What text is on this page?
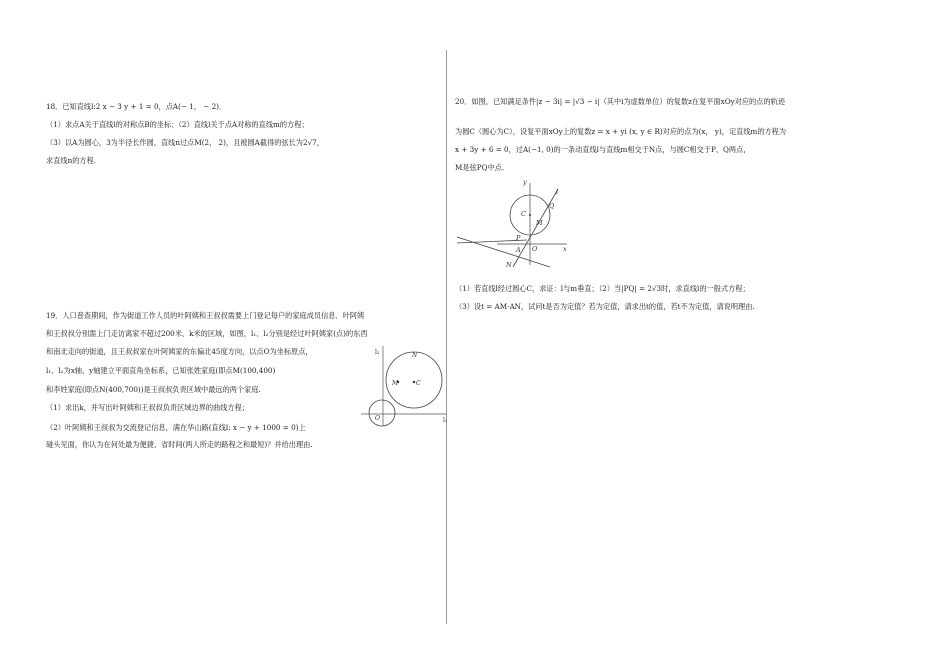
18．已知直线l:2 x − 3 y + 1 = 0，点A(− 1， − 2)．
（1）求点A关于直线l的对称点B的坐标；（2）直线l关于点A对称的直线m的方程；
（3）以A为圆心，3为半径长作圆，直线n过点M(2， 2)，且被圆A截得的弦长为2√7，
求直线n的方程.
19．人口普查期间，作为街道工作人员的叶阿姨和王叔叔需要上门登记每户的家庭成员信息．叶阿姨
和王叔叔分别需上门走访离家不超过200米、k米的区域，如图，l₁、l₂分别是经过叶阿姨家(点)的东西
和南北走向的街道，且王叔叔家在叶阿姨家的东偏北45度方向，以点O为坐标原点，
l₁、l₂为x轴、y轴建立平面直角坐标系，已知张姓家庭(即点M(100,400)
和李姓家庭(即点N(400,700))是王叔叔负责区域中最远的两个家庭.
（1）求出k，并写出叶阿姨和王叔叔负责区域边界的曲线方程；
（2）叶阿姨和王叔叔为交流登记信息，满在华山路(直线l: x − y + 1000 = 0)上
碰头见面，你认为在何处最为便捷、省时间(两人所走的路程之和最短)？并给出理由.
l₂
l₁
O
M	C
N
20．如图，已知满足条件|z − 3i| = |√3 − i|（其中i为虚数单位）的复数z在复平面xOy对应的点的轨迹
为圆C（圆心为C），设复平面xOy上的复数z = x + yi (x, y ∈ R)对应的点为(x， y)，定直线m的方程为
x + 3y + 6 = 0，过A(−1, 0)的一条动直线l与直线m相交于N点，与圆C相交于P、Q两点，
M是弦PQ中点.
（1）若直线l经过圆心C，求证：l与m垂直；（2）当|PQ| = 2√3时，求直线l的一般式方程；
（3）设t = AM·AN，试问t是否为定值？若为定值，请求出t的值，若t不为定值，请说明理由.
y
x
l
Q
C
M
P
A O
N
